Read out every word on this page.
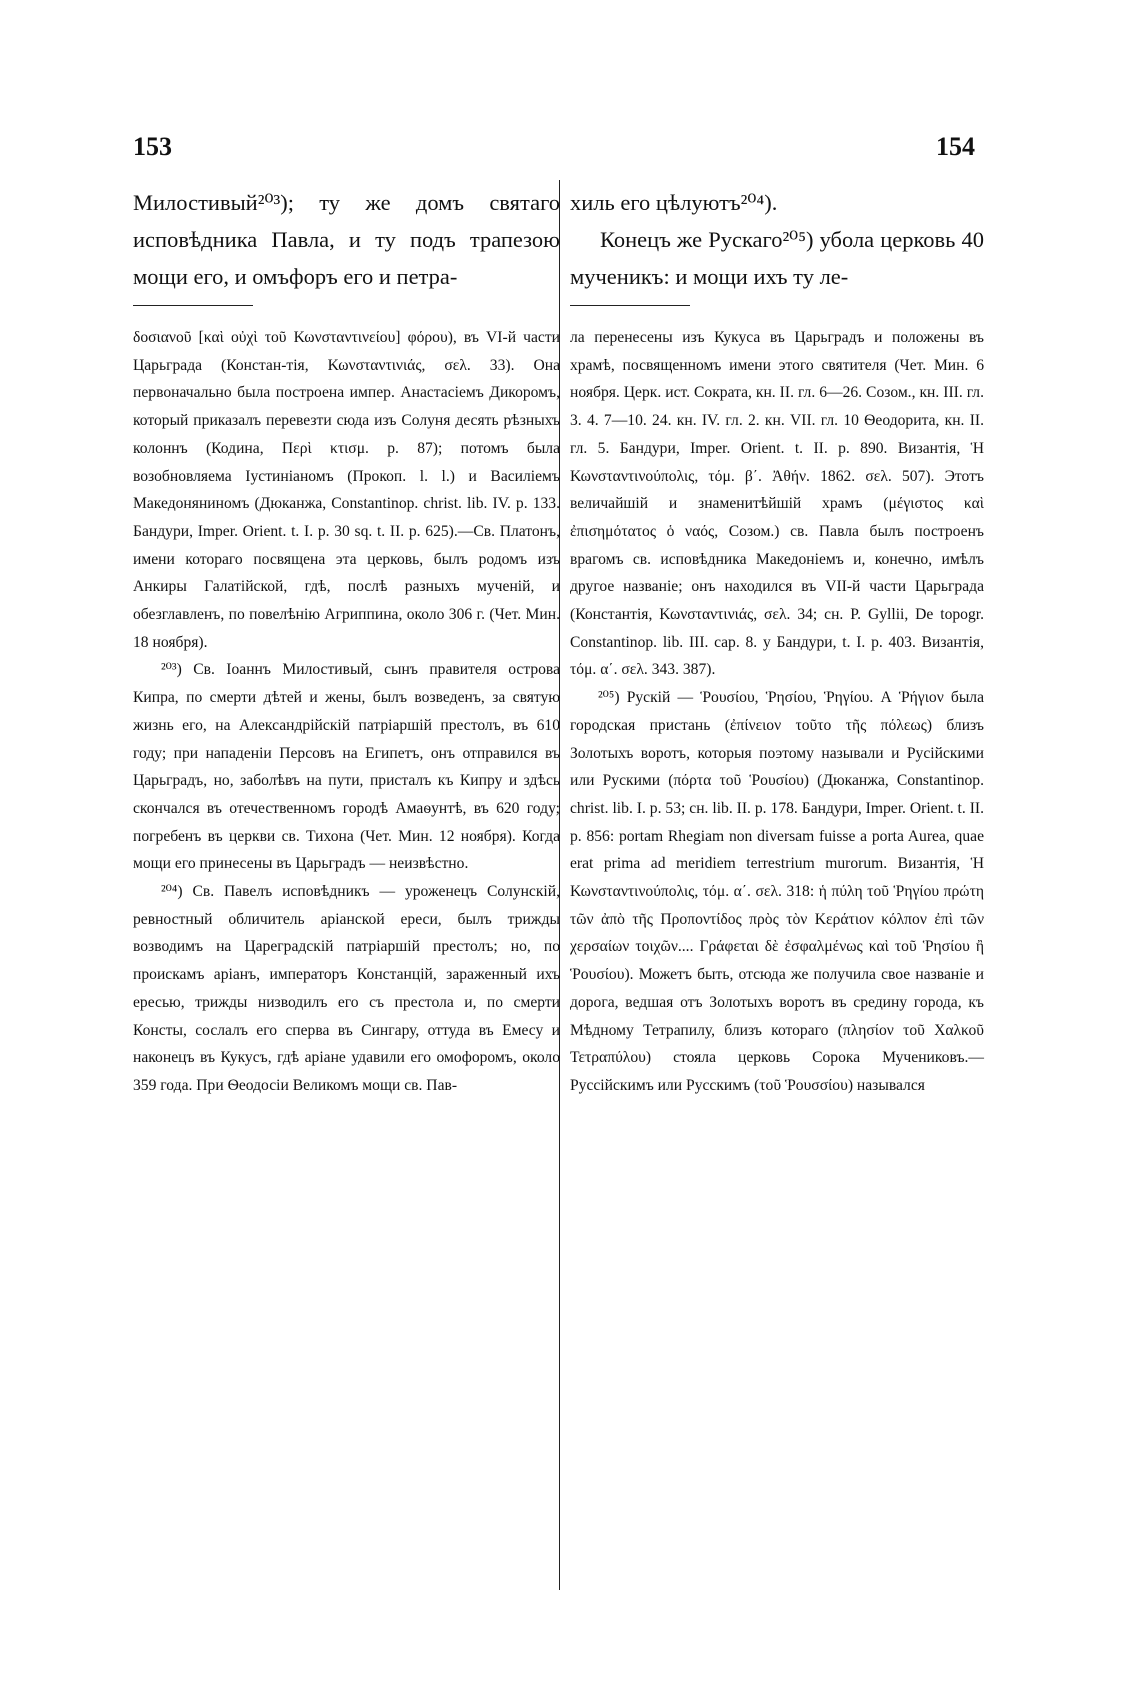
153	154

Милостивый²⁰³); ту же домъ святаго исповѣдника Павла, и ту подъ трапезою мощи его, и омъфоръ его и петра-

δοσιανοῦ [καὶ οὐχὶ τοῦ Κωνσταντινείου] φόρου), въ VI-й части Царьграда (Констан-тія, Κωνσταντινιάς, σελ. 33). Она первоначально была построена импер. Анастасіемъ Дикоромъ, который приказалъ перевезти сюда изъ Солуня десять рѣзныхъ колоннъ (Кодина, Περὶ κτισμ. p. 87); потомъ была возобновляема Іустиніаномъ (Прокоп. l. l.) и Василіемъ Македоняниномъ (Дюканжа, Constantinop. christ. lib. IV. p. 133. Бандури, Imper. Orient. t. I. p. 30 sq. t. II. p. 625).—Св. Платонъ, имени котораго посвящена эта церковь, былъ родомъ изъ Анкиры Галатійской, гдѣ, послѣ разныхъ мученій, и обезглавленъ, по повелѣнію Агриппина, около 306 г. (Чет. Мин. 18 ноября).

²⁰³) Св. Іоаннъ Милостивый, сынъ правителя острова Кипра, по смерти дѣтей и жены, былъ возведенъ, за святую жизнь его, на Александрійскій патріаршій престолъ, въ 610 году; при нападеніи Персовъ на Египетъ, онъ отправился въ Царьградъ, но, заболѣвъ на пути, присталъ къ Кипру и здѣсь скончался въ отечественномъ городѣ Амаѳунтѣ, въ 620 году; погребенъ въ церкви св. Тихона (Чет. Мин. 12 ноября). Когда мощи его принесены въ Царьградъ — неизвѣстно.

²⁰⁴) Св. Павелъ исповѣдникъ — уроженецъ Солунскій, ревностный обличитель аріанской ереси, былъ трижды возводимъ на Цареградскій патріаршій престолъ; но, по проискамъ аріанъ, императоръ Констанцій, зараженный ихъ ересью, трижды низводилъ его съ престола и, по смерти Консты, сослалъ его сперва въ Сингару, оттуда въ Емесу и наконецъ въ Кукусъ, гдѣ аріане удавили его омофоромъ, около 359 года. При Ѳеодосіи Великомъ мощи св. Пав-

хиль его цѣлуютъ²⁰⁴).

Конецъ же Рускаго²⁰⁵) убола церковь 40 мученикъ: и мощи ихъ ту ле-

ла перенесены изъ Кукуса въ Царьградъ и положены въ храмѣ, посвященномъ имени этого святителя (Чет. Мин. 6 ноября. Церк. ист. Сократа, кн. II. гл. 6—26. Созом., кн. III. гл. 3. 4. 7—10. 24. кн. IV. гл. 2. кн. VII. гл. 10 Ѳеодорита, кн. II. гл. 5. Бандури, Imper. Orient. t. II. p. 890. Византія, Ἡ Κωνσταντινούπολις, τόμ. β΄. Ἀθήν. 1862. σελ. 507). Этотъ величайшій и знаменитѣйшій храмъ (μέγιστος καὶ ἐπισημότατος ὁ ναός, Созом.) св. Павла былъ построенъ врагомъ св. исповѣдника Македоніемъ и, конечно, имѣлъ другое названіе; онъ находился въ VII-й части Царьграда (Константія, Κωνσταντινιάς, σελ. 34; сн. P. Gyllii, De topogr. Constantinop. lib. III. cap. 8. у Бандури, t. I. p. 403. Византія, τόμ. α΄. σελ. 343. 387).

²⁰⁵) Рускій — Ῥουσίου, Ῥησίου, Ῥηγίου. А Ῥήγιον была городская пристань (ἐπίνειον τοῦτο τῆς πόλεως) близъ Золотыхъ воротъ, которыя поэтому называли и Русійскими или Рускими (πόρτα τοῦ Ῥουσίου) (Дюканжа, Constantinop. christ. lib. I. p. 53; сн. lib. II. p. 178. Бандури, Imper. Orient. t. II. p. 856: portam Rhegiam non diversam fuisse a porta Aurea, quae erat prima ad meridiem terrestrium murorum. Византія, Ἡ Κωνσταντινούπολις, τόμ. α΄. σελ. 318: ἡ πύλη τοῦ Ῥηγίου πρώτη τῶν ἀπὸ τῆς Προποντίδος πρὸς τὸν Κεράτιον κόλπον ἐπὶ τῶν χερσαίων τοιχῶν.... Γράφεται δὲ ἐσφαλμένως καὶ τοῦ Ῥησίου ἢ Ῥουσίου). Можетъ быть, отсюда же получила свое названіе и дорога, ведшая отъ Золотыхъ воротъ въ средину города, къ Мѣдному Тетрапилу, близъ котораго (πλησίον τοῦ Χαλκοῦ Τετραπύλου) стояла церковь Сорока Мучениковъ.—Руссійскимъ или Русскимъ (τοῦ Ῥουσσίου) назывался
